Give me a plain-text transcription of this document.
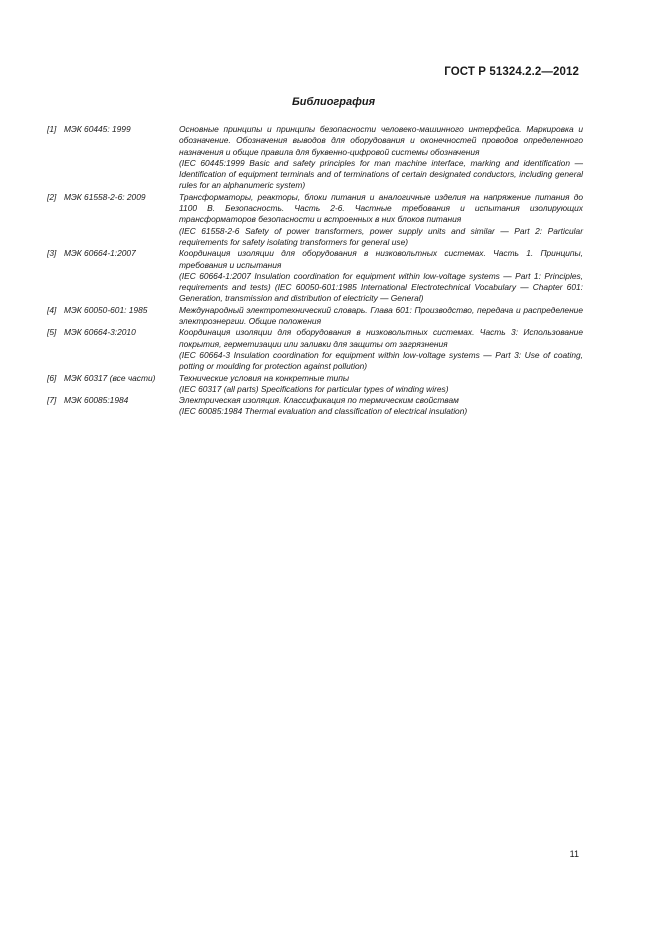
ГОСТ Р 51324.2.2—2012
Библиография
[1] МЭК 60445: 1999	Основные принципы и принципы безопасности человеко-машинного интерфейса. Маркировка и обозначение. Обозначения выводов для оборудования и оконечностей проводов определенного назначения и общие правила для буквенно-цифровой системы обозначения

(IEC 60445:1999 Basic and safety principles for man machine interface, marking and identification — Identification of equipment terminals and of terminations of certain designated conductors, including general rules for an alphanumeric system)

[2] МЭК 61558-2-6: 2009	Трансформаторы, реакторы, блоки питания и аналогичные изделия на напряжение питания до 1100 В. Безопасность. Часть 2-6. Частные требования и испытания изолирующих трансформаторов безопасности и встроенных в них блоков питания

(IEC 61558-2-6 Safety of power transformers, power supply units and similar — Part 2: Particular requirements for safety isolating transformers for general use)

[3] МЭК 60664-1:2007	Координация изоляции для оборудования в низковольтных системах. Часть 1. Принципы, требования и испытания

(IEC 60664-1:2007 Insulation coordination for equipment within low-voltage systems — Part 1: Principles, requirements and tests) (IEC 60050-601:1985 International Electrotechnical Vocabulary — Chapter 601: Generation, transmission and distribution of electricity — General)

[4] МЭК 60050-601: 1985	Международный электротехнический словарь. Глава 601: Производство, передача и распределение электроэнергии. Общие положения

[5] МЭК 60664-3:2010	Координация изоляции для оборудования в низковольтных системах. Часть 3: Использование покрытия, герметизации или заливки для защиты от загрязнения

(IEC 60664-3 Insulation coordination for equipment within low-voltage systems — Part 3: Use of coating, potting or moulding for protection against pollution)

[6] МЭК 60317 (все части)	Технические условия на конкретные типы

(IEC 60317 (all parts) Specifications for particular types of winding wires)

[7] МЭК 60085:1984	Электрическая изоляция. Классификация по термическим свойствам

(IEC 60085:1984 Thermal evaluation and classification of electrical insulation)

11
